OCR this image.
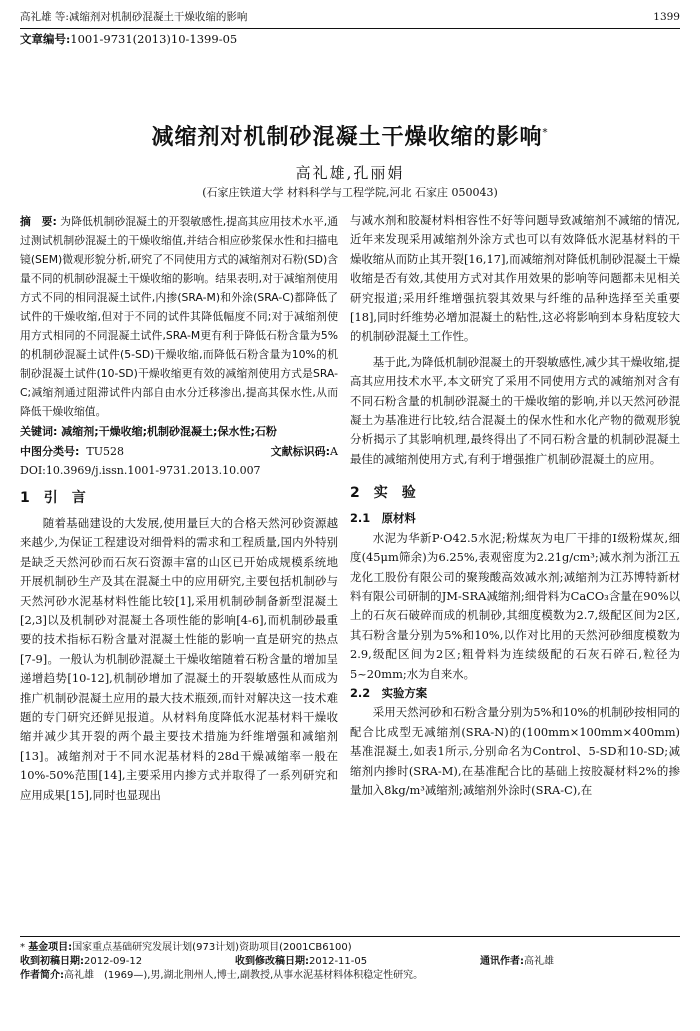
高礼雄 等:减缩剂对机制砂混凝土干燥收缩的影响	1399
文章编号:1001-9731(2013)10-1399-05
减缩剂对机制砂混凝土干燥收缩的影响*
高礼雄,孔丽娟
(石家庄铁道大学 材料科学与工程学院,河北 石家庄 050043)

摘　要: 为降低机制砂混凝土的开裂敏感性,提高其应用技术水平,通过测试机制砂混凝土的干燥收缩值,并结合相应砂浆保水性和扫描电镜(SEM)微观形貌分析,研究了不同使用方式的减缩剂对石粉(SD)含量不同的机制砂混凝土干燥收缩的影响。结果表明,对于减缩剂使用方式不同的相同混凝土试件,内掺(SRA-M)和外涂(SRA-C)都降低了试件的干燥收缩,但对于不同的试件其降低幅度不同;对于减缩剂使用方式相同的不同混凝土试件,SRA-M更有利于降低石粉含量为5%的机制砂混凝土试件(5-SD)干燥收缩,而降低石粉含量为10%的机制砂混凝土试件(10-SD)干燥收缩更有效的减缩剂使用方式是SRA-C;减缩剂通过阻滞试件内部自由水分迁移渗出,提高其保水性,从而降低干燥收缩值。

关键词: 减缩剂;干燥收缩;机制砂混凝土;保水性;石粉

中图分类号: TU528	文献标识码:A
DOI:10.3969/j.issn.1001-9731.2013.10.007
1　引　言

随着基础建设的大发展,使用量巨大的合格天然河砂资源越来越少,为保证工程建设对细骨料的需求和工程质量,国内外特别是缺乏天然河砂而石灰石资源丰富的山区已开始成规模系统地开展机制砂生产及其在混凝土中的应用研究,主要包括机制砂与天然河砂水泥基材料性能比较[1],采用机制砂制备新型混凝土[2,3]以及机制砂对混凝土各项性能的影响[4-6],而机制砂最重要的技术指标石粉含量对混凝土性能的影响一直是研究的热点[7-9]。一般认为机制砂混凝土干燥收缩随着石粉含量的增加呈递增趋势[10-12],机制砂增加了混凝土的开裂敏感性从而成为推广机制砂混凝土应用的最大技术瓶颈,而针对解决这一技术难题的专门研究还鲜见报道。从材料角度降低水泥基材料干燥收缩并减少其开裂的两个最主要技术措施为纤维增强和减缩剂[13]。减缩剂对于不同水泥基材料的28d干燥减缩率一般在10%-50%范围[14],主要采用内掺方式并取得了一系列研究和应用成果[15],同时也显现出

与减水剂和胶凝材料相容性不好等问题导致减缩剂不减缩的情况,近年来发现采用减缩剂外涂方式也可以有效降低水泥基材料的干燥收缩从而防止其开裂[16,17],而减缩剂对降低机制砂混凝土干燥收缩是否有效,其使用方式对其作用效果的影响等问题都未见相关研究报道;采用纤维增强抗裂其效果与纤维的品种选择至关重要[18],同时纤维势必增加混凝土的粘性,这必将影响到本身粘度较大的机制砂混凝土工作性。

基于此,为降低机制砂混凝土的开裂敏感性,减少其干燥收缩,提高其应用技术水平,本文研究了采用不同使用方式的减缩剂对含有不同石粉含量的机制砂混凝土的干燥收缩的影响,并以天然河砂混凝土为基准进行比较,结合混凝土的保水性和水化产物的微观形貌分析揭示了其影响机理,最终得出了不同石粉含量的机制砂混凝土最佳的减缩剂使用方式,有利于增强推广机制砂混凝土的应用。

2　实　验
2.1　原材料

水泥为华新P·O42.5水泥;粉煤灰为电厂干排的Ⅰ级粉煤灰,细度(45μm筛余)为6.25%,表观密度为2.21g/cm³;减水剂为浙江五龙化工股份有限公司的聚羧酸高效减水剂;减缩剂为江苏博特新材料有限公司研制的JM-SRA减缩剂;细骨料为CaCO₃含量在90%以上的石灰石破碎而成的机制砂,其细度模数为2.7,级配区间为2区,其石粉含量分别为5%和10%,以作对比用的天然河砂细度模数为2.9,级配区间为2区;粗骨料为连续级配的石灰石碎石,粒径为5~20mm;水为自来水。

2.2　实验方案

采用天然河砂和石粉含量分别为5%和10%的机制砂按相同的配合比成型无减缩剂(SRA-N)的(100mm×100mm×400mm)基准混凝土,如表1所示,分别命名为Control、5-SD和10-SD;减缩剂内掺时(SRA-M),在基准配合比的基础上按胶凝材料2%的掺量加入8kg/m³减缩剂;减缩剂外涂时(SRA-C),在

* 基金项目:国家重点基础研究发展计划(973计划)资助项目(2001CB6100)
收到初稿日期:2012-09-12	收到修改稿日期:2012-11-05	通讯作者:高礼雄
作者简介:高礼雄　(1969—),男,湖北荆州人,博士,副教授,从事水泥基材料体积稳定性研究。
